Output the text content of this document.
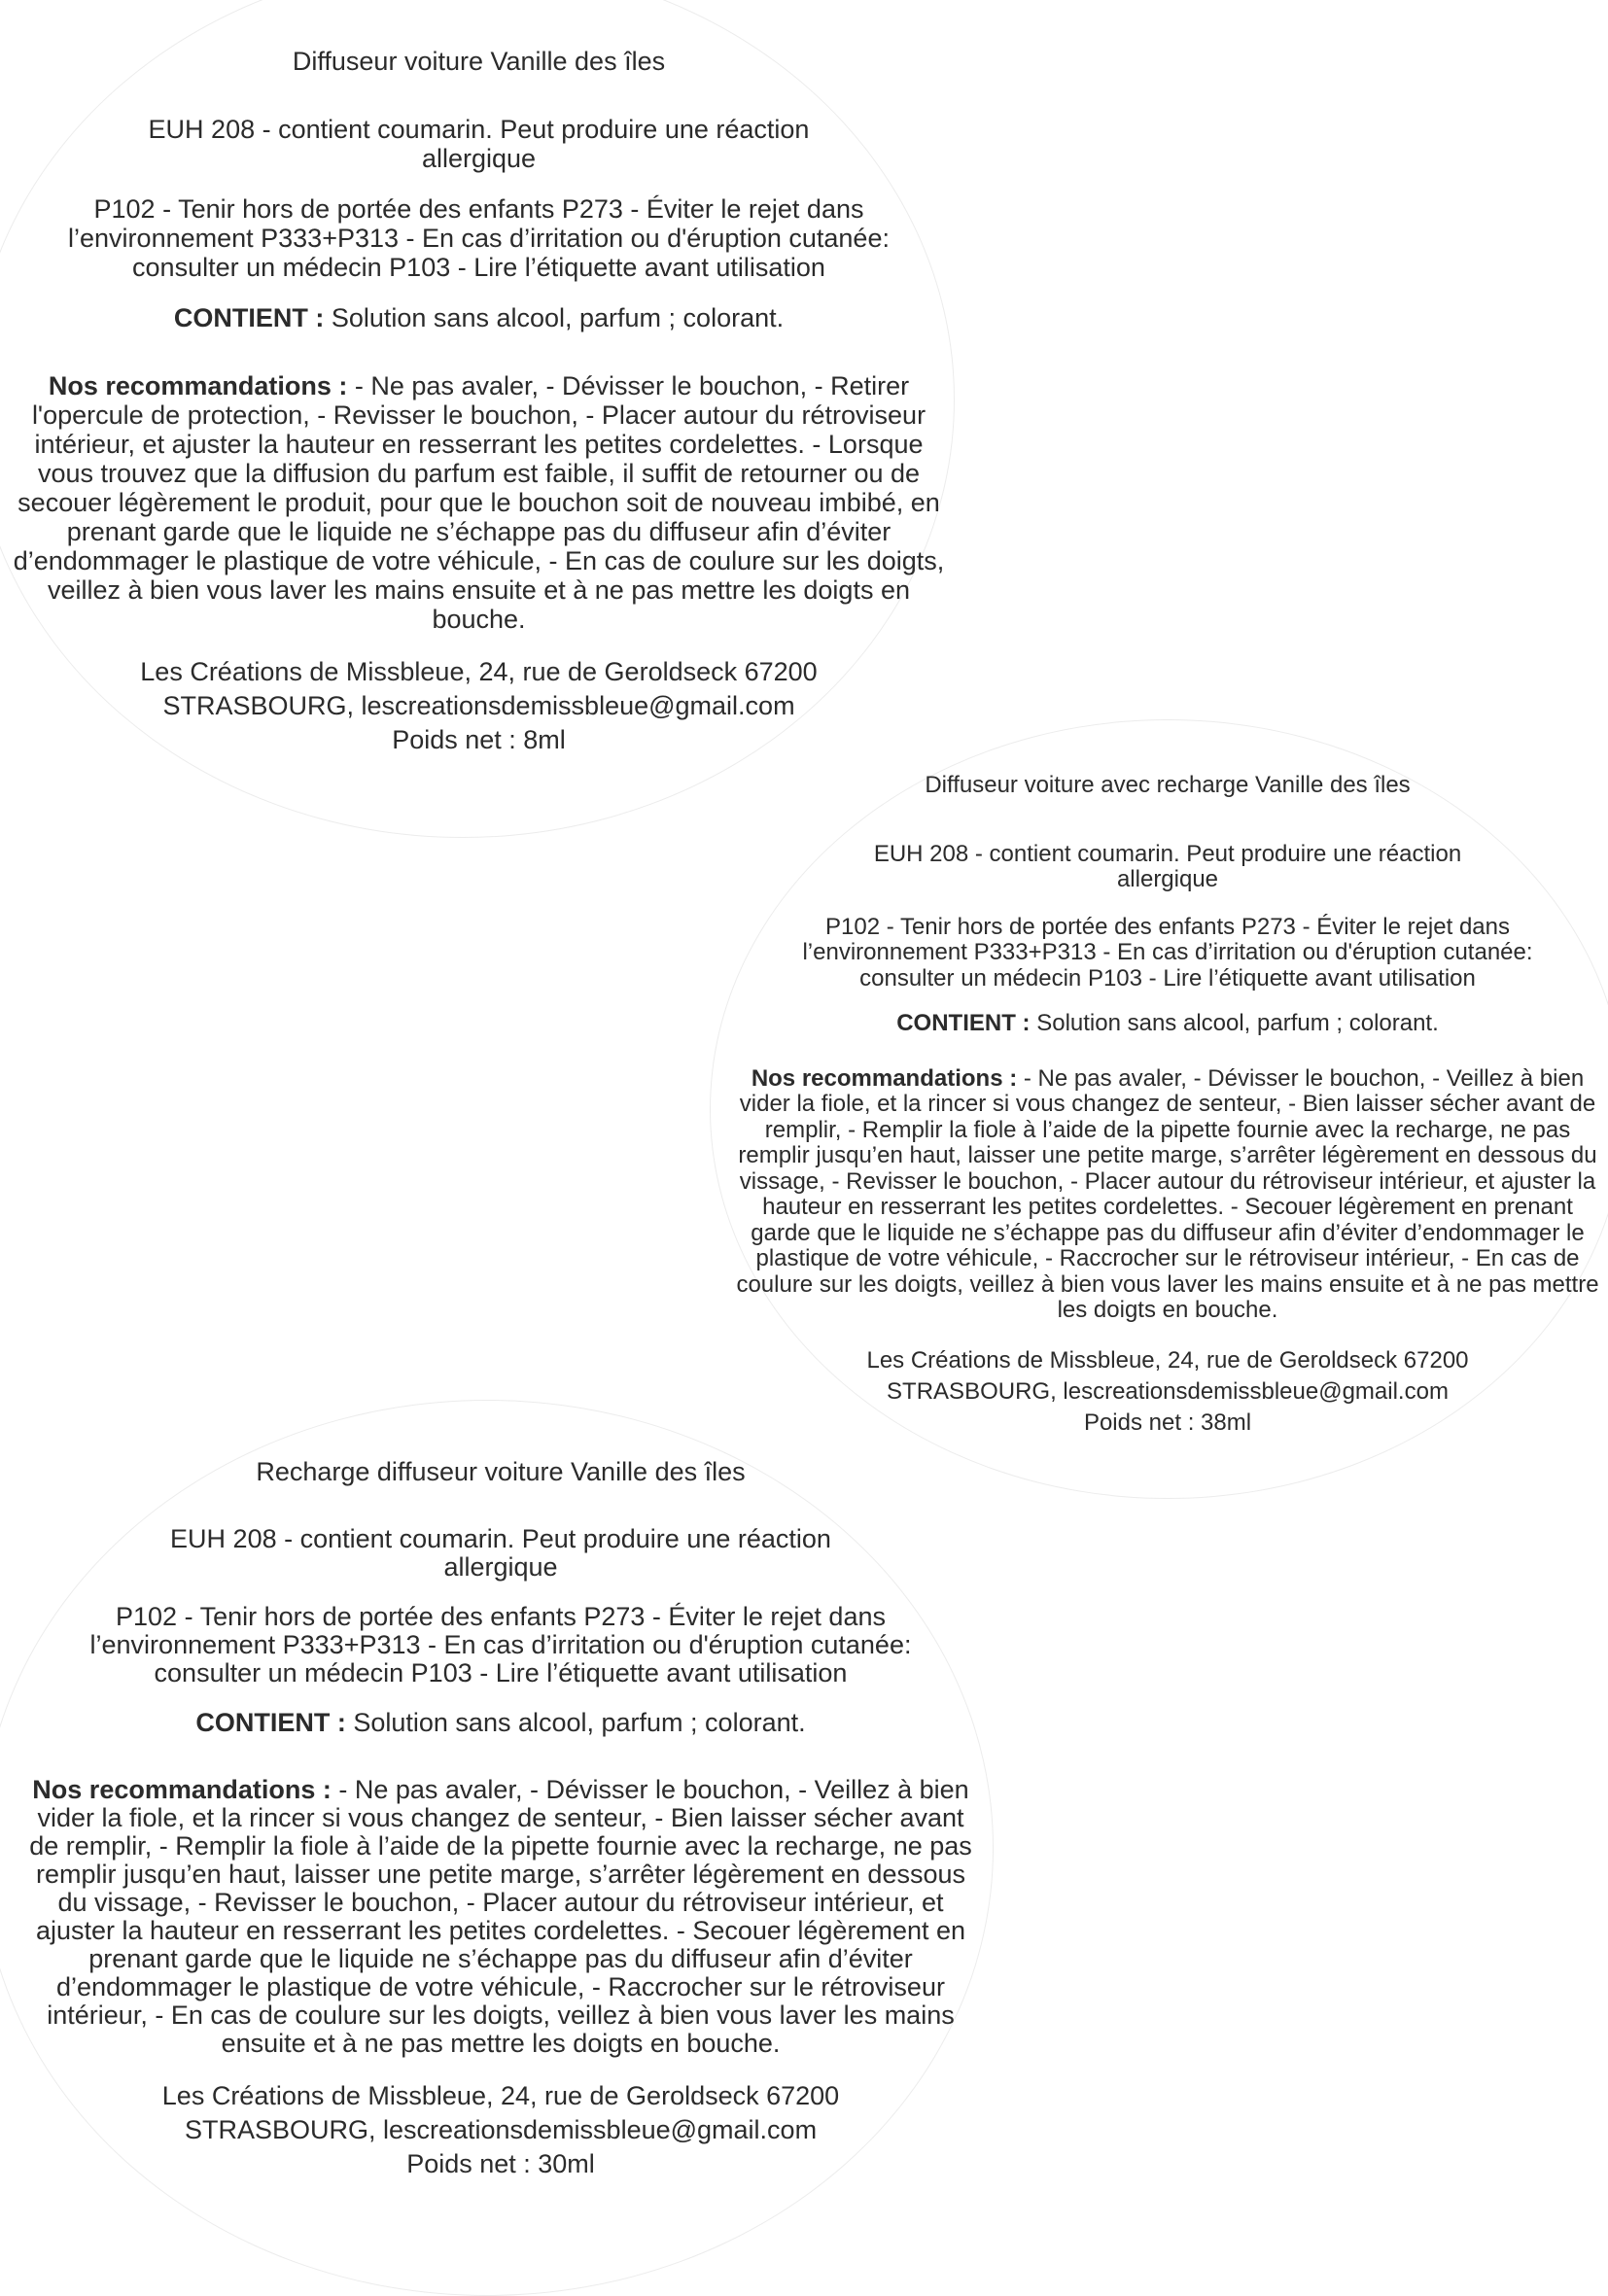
Diffuseur voiture Vanille des îles

EUH 208 - contient coumarin. Peut produire une réaction allergique

P102 - Tenir hors de portée des enfants P273 - Éviter le rejet dans l’environnement P333+P313 - En cas d’irritation ou d'éruption cutanée: consulter un médecin P103 - Lire l’étiquette avant utilisation

CONTIENT : Solution sans alcool, parfum ; colorant.

Nos recommandations : - Ne pas avaler, - Dévisser le bouchon, - Retirer l'opercule de protection, - Revisser le bouchon, - Placer autour du rétroviseur intérieur, et ajuster la hauteur en resserrant les petites cordelettes. - Lorsque vous trouvez que la diffusion du parfum est faible, il suffit de retourner ou de secouer légèrement le produit, pour que le bouchon soit de nouveau imbibé, en prenant garde que le liquide ne s’échappe pas du diffuseur afin d’éviter d’endommager le plastique de votre véhicule, - En cas de coulure sur les doigts, veillez à bien vous laver les mains ensuite et à ne pas mettre les doigts en bouche.

Les Créations de Missbleue, 24, rue de Geroldseck 67200 STRASBOURG, lescreationsdemissbleue@gmail.com
Poids net : 8ml

Diffuseur voiture avec recharge Vanille des îles

EUH 208 - contient coumarin. Peut produire une réaction allergique

P102 - Tenir hors de portée des enfants P273 - Éviter le rejet dans l’environnement P333+P313 - En cas d’irritation ou d'éruption cutanée: consulter un médecin P103 - Lire l’étiquette avant utilisation

CONTIENT : Solution sans alcool, parfum ; colorant.

Nos recommandations : - Ne pas avaler, - Dévisser le bouchon, - Veillez à bien vider la fiole, et la rincer si vous changez de senteur, - Bien laisser sécher avant de remplir, - Remplir la fiole à l’aide de la pipette fournie avec la recharge, ne pas remplir jusqu’en haut, laisser une petite marge, s’arrêter légèrement en dessous du vissage, - Revisser le bouchon, - Placer autour du rétroviseur intérieur, et ajuster la hauteur en resserrant les petites cordelettes. - Secouer légèrement en prenant garde que le liquide ne s’échappe pas du diffuseur afin d’éviter d’endommager le plastique de votre véhicule, - Raccrocher sur le rétroviseur intérieur, - En cas de coulure sur les doigts, veillez à bien vous laver les mains ensuite et à ne pas mettre les doigts en bouche.

Les Créations de Missbleue, 24, rue de Geroldseck 67200 STRASBOURG, lescreationsdemissbleue@gmail.com
Poids net : 38ml

Recharge diffuseur voiture Vanille des îles

EUH 208 - contient coumarin. Peut produire une réaction allergique

P102 - Tenir hors de portée des enfants P273 - Éviter le rejet dans l’environnement P333+P313 - En cas d’irritation ou d'éruption cutanée: consulter un médecin P103 - Lire l’étiquette avant utilisation

CONTIENT : Solution sans alcool, parfum ; colorant.

Nos recommandations : - Ne pas avaler, - Dévisser le bouchon, - Veillez à bien vider la fiole, et la rincer si vous changez de senteur, - Bien laisser sécher avant de remplir, - Remplir la fiole à l’aide de la pipette fournie avec la recharge, ne pas remplir jusqu’en haut, laisser une petite marge, s’arrêter légèrement en dessous du vissage, - Revisser le bouchon, - Placer autour du rétroviseur intérieur, et ajuster la hauteur en resserrant les petites cordelettes. - Secouer légèrement en prenant garde que le liquide ne s’échappe pas du diffuseur afin d’éviter d’endommager le plastique de votre véhicule, - Raccrocher sur le rétroviseur intérieur, - En cas de coulure sur les doigts, veillez à bien vous laver les mains ensuite et à ne pas mettre les doigts en bouche.

Les Créations de Missbleue, 24, rue de Geroldseck 67200 STRASBOURG, lescreationsdemissbleue@gmail.com
Poids net : 30ml
